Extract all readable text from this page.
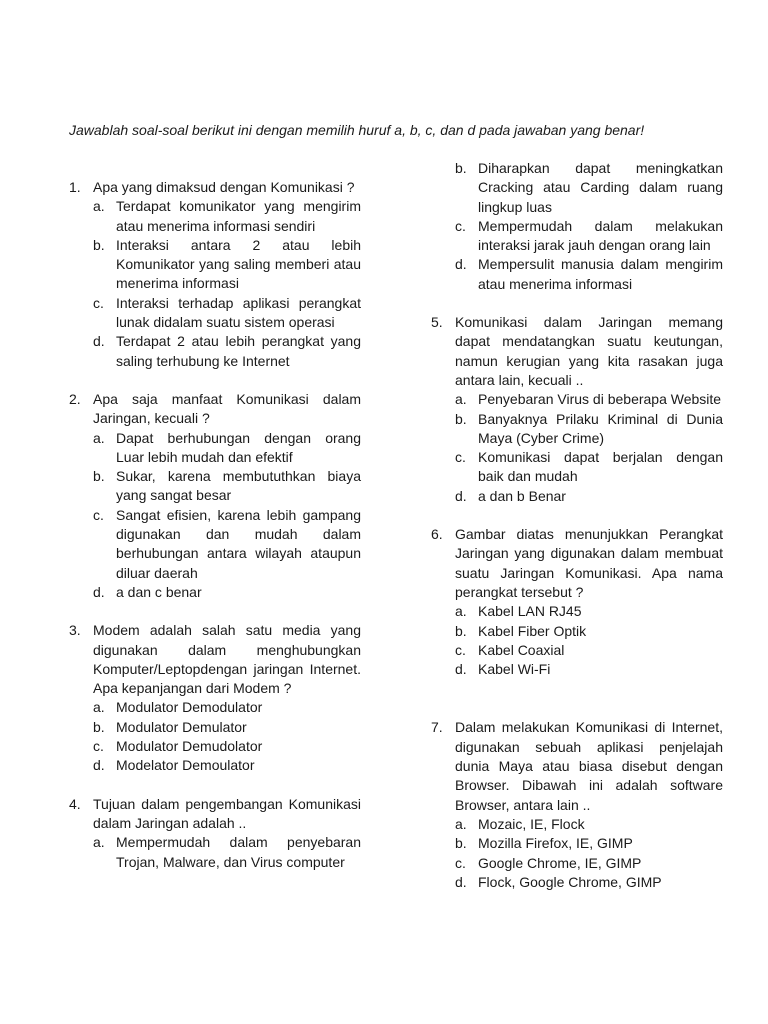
Jawablah soal-soal berikut ini dengan memilih huruf a, b, c, dan d pada jawaban yang benar!
1. Apa yang dimaksud dengan Komunikasi ?
a. Terdapat komunikator yang mengirim atau menerima informasi sendiri
b. Interaksi antara 2 atau lebih Komunikator yang saling memberi atau menerima informasi
c. Interaksi terhadap aplikasi perangkat lunak didalam suatu sistem operasi
d. Terdapat 2 atau lebih perangkat yang saling terhubung ke Internet
2. Apa saja manfaat Komunikasi dalam Jaringan, kecuali ?
a. Dapat berhubungan dengan orang Luar lebih mudah dan efektif
b. Sukar, karena membututhkan biaya yang sangat besar
c. Sangat efisien, karena lebih gampang digunakan dan mudah dalam berhubungan antara wilayah ataupun diluar daerah
d. a dan c benar
3. Modem adalah salah satu media yang digunakan dalam menghubungkan Komputer/Leptopdengan jaringan Internet. Apa kepanjangan dari Modem ?
a. Modulator Demodulator
b. Modulator Demulator
c. Modulator Demudolator
d. Modelator Demoulator
4. Tujuan dalam pengembangan Komunikasi dalam Jaringan adalah ..
a. Mempermudah dalam penyebaran Trojan, Malware, dan Virus computer
b. Diharapkan dapat meningkatkan Cracking atau Carding dalam ruang lingkup luas
c. Mempermudah dalam melakukan interaksi jarak jauh dengan orang lain
d. Mempersulit manusia dalam mengirim atau menerima informasi
5. Komunikasi dalam Jaringan memang dapat mendatangkan suatu keutungan, namun kerugian yang kita rasakan juga antara lain, kecuali ..
a. Penyebaran Virus di beberapa Website
b. Banyaknya Prilaku Kriminal di Dunia Maya (Cyber Crime)
c. Komunikasi dapat berjalan dengan baik dan mudah
d. a dan b Benar
6. Gambar diatas menunjukkan Perangkat Jaringan yang digunakan dalam membuat suatu Jaringan Komunikasi. Apa nama perangkat tersebut ?
a. Kabel LAN RJ45
b. Kabel Fiber Optik
c. Kabel Coaxial
d. Kabel Wi-Fi
7. Dalam melakukan Komunikasi di Internet, digunakan sebuah aplikasi penjelajah dunia Maya atau biasa disebut dengan Browser. Dibawah ini adalah software Browser, antara lain ..
a. Mozaic, IE, Flock
b. Mozilla Firefox, IE, GIMP
c. Google Chrome, IE, GIMP
d. Flock, Google Chrome, GIMP
